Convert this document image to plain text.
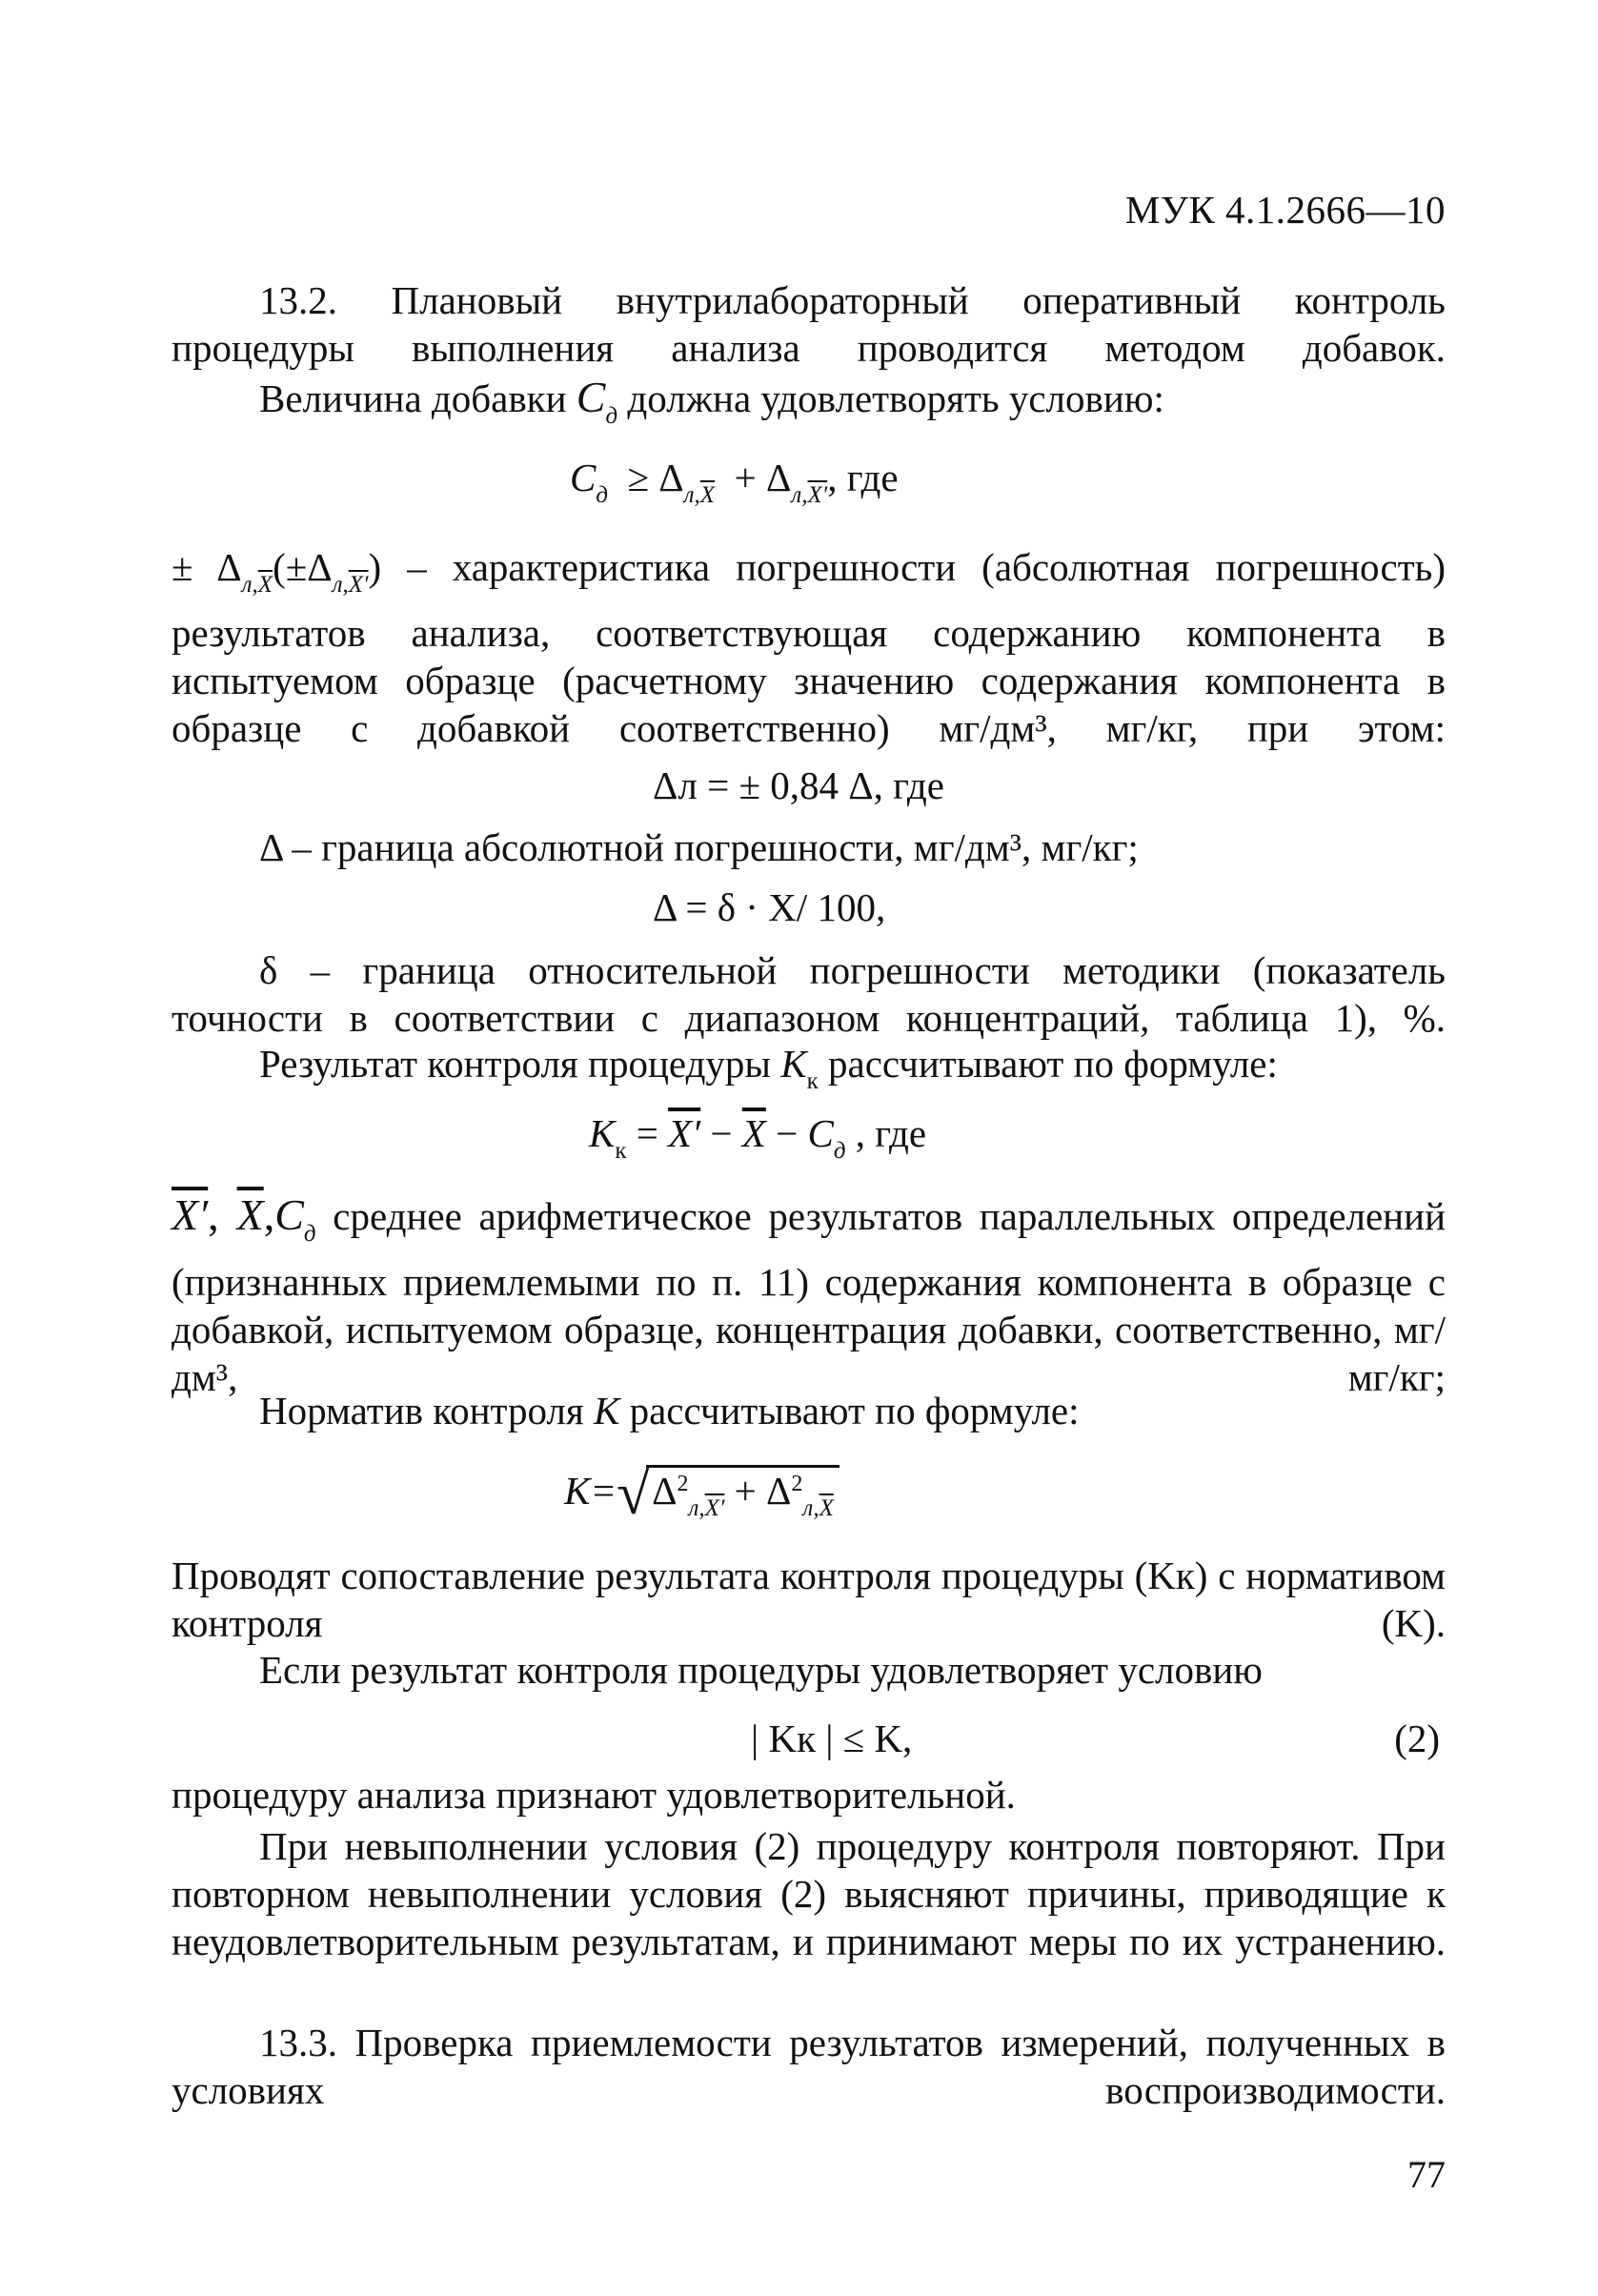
МУК 4.1.2666—10
13.2. Плановый внутрилабораторный оперативный контроль процедуры выполнения анализа проводится методом добавок.
Величина добавки $C_д$ должна удовлетворять условию:
$C_д \ge \Delta_{л,\overline{X}} + \Delta_{л,X'}$, где
± $\Delta_{л,\overline{X}}(\pm\Delta_{л,X'})$ – характеристика погрешности (абсолютная погрешность) результатов анализа, соответствующая содержанию компонента в испытуемом образце (расчетному значению содержания компонента в образце с добавкой соответственно) мг/дм³, мг/кг, при этом:
Δл = ± 0,84 Δ, где
Δ – граница абсолютной погрешности, мг/дм³, мг/кг;
Δ = δ · X/ 100,
δ – граница относительной погрешности методики (показатель точности в соответствии с диапазоном концентраций, таблица 1), %.
Результат контроля процедуры $K_к$ рассчитывают по формуле:
$K_к = X' - \overline{X} - C_д$ , где
X′, $\overline{X},C_д$ среднее арифметическое результатов параллельных определений (признанных приемлемыми по п. 11) содержания компонента в образце с добавкой, испытуемом образце, концентрация добавки, соответственно, мг/дм³, мг/кг;
Норматив контроля K рассчитывают по формуле:
$K=√\Delta^2_{л,X'} + \Delta^2_{л,\overline{X}}$
Проводят сопоставление результата контроля процедуры (Kк) с нормативом контроля (K).
Если результат контроля процедуры удовлетворяет условию
| Kк | ≤ K,	(2)
процедуру анализа признают удовлетворительной.
При невыполнении условия (2) процедуру контроля повторяют. При повторном невыполнении условия (2) выясняют причины, приводящие к неудовлетворительным результатам, и принимают меры по их устранению.
13.3. Проверка приемлемости результатов измерений, полученных в условиях воспроизводимости.
77
